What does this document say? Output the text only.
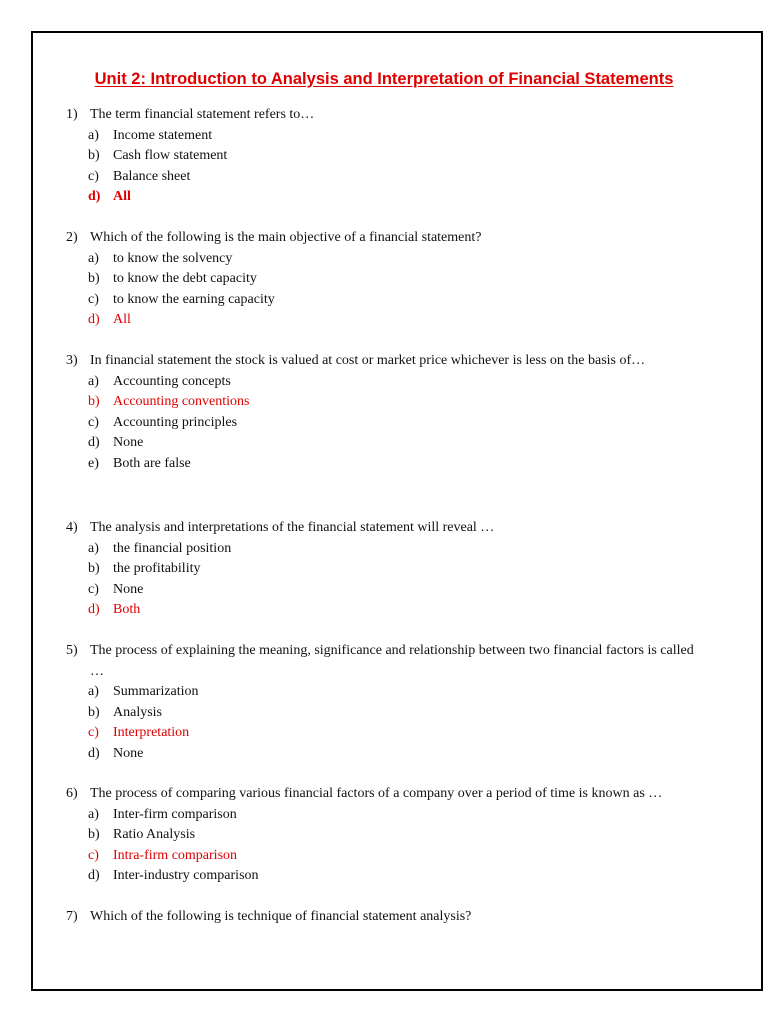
Unit 2: Introduction to Analysis and Interpretation of Financial Statements
1) The term financial statement refers to…
a)	Income statement
b) Cash flow statement
c)	Balance sheet
d) All
2) Which of the following is the main objective of a financial statement?
a)	to know the solvency
b) to know the debt capacity
c)	to know the earning capacity
d) All
3) In financial statement the stock is valued at cost or market price whichever is less on the basis of…
a)	Accounting concepts
b) Accounting conventions
c)	Accounting principles
d) None
e)	Both are false
4) The analysis and interpretations of the financial statement will reveal …
a)	the financial position
b) the profitability
c)	None
d) Both
5) The process of explaining the meaning, significance and relationship between two financial factors is called …
a)	Summarization
b) Analysis
c)	Interpretation
d) None
6) The process of comparing various financial factors of a company over a period of time is known as …
a)	Inter-firm comparison
b) Ratio Analysis
c)	Intra-firm comparison
d) Inter-industry comparison
7) Which of the following is technique of financial statement analysis?
